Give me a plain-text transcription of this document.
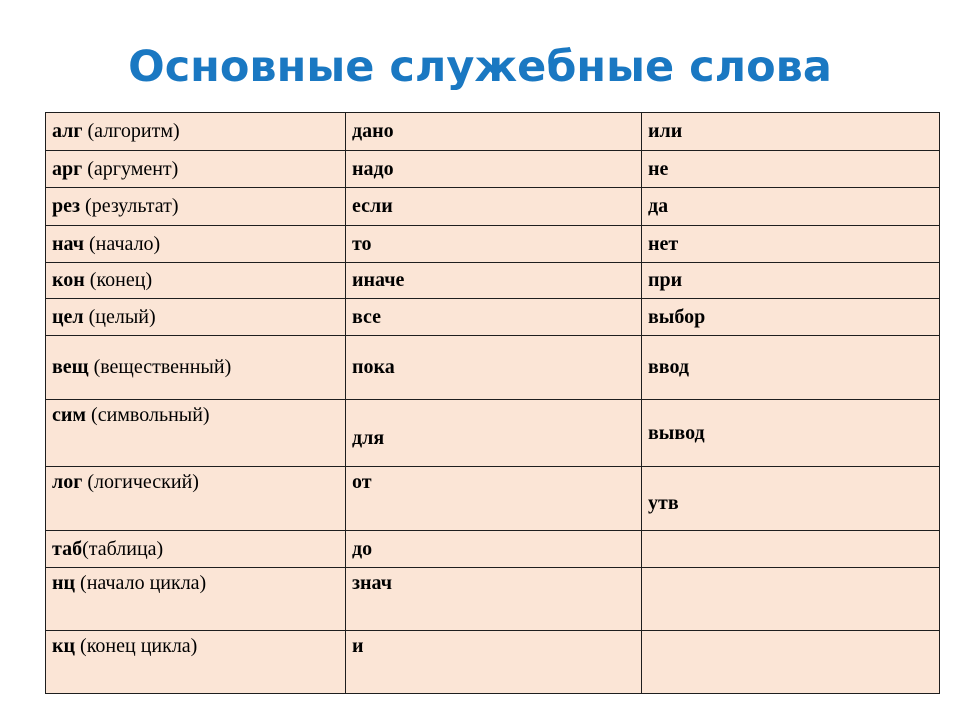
Основные служебные слова
алг (алгоритм)	дано	или
арг (аргумент)	надо	не
рез (результат)	если	да
нач (начало)	то	нет
кон (конец)	иначе	при
цел (целый)	все	выбор
вещ (вещественный)	пока	ввод
сим (символьный)	для	вывод
лог (логический)	от	утв
таб(таблица)	до	
нц (начало цикла)	знач	
кц (конец цикла)	и	
